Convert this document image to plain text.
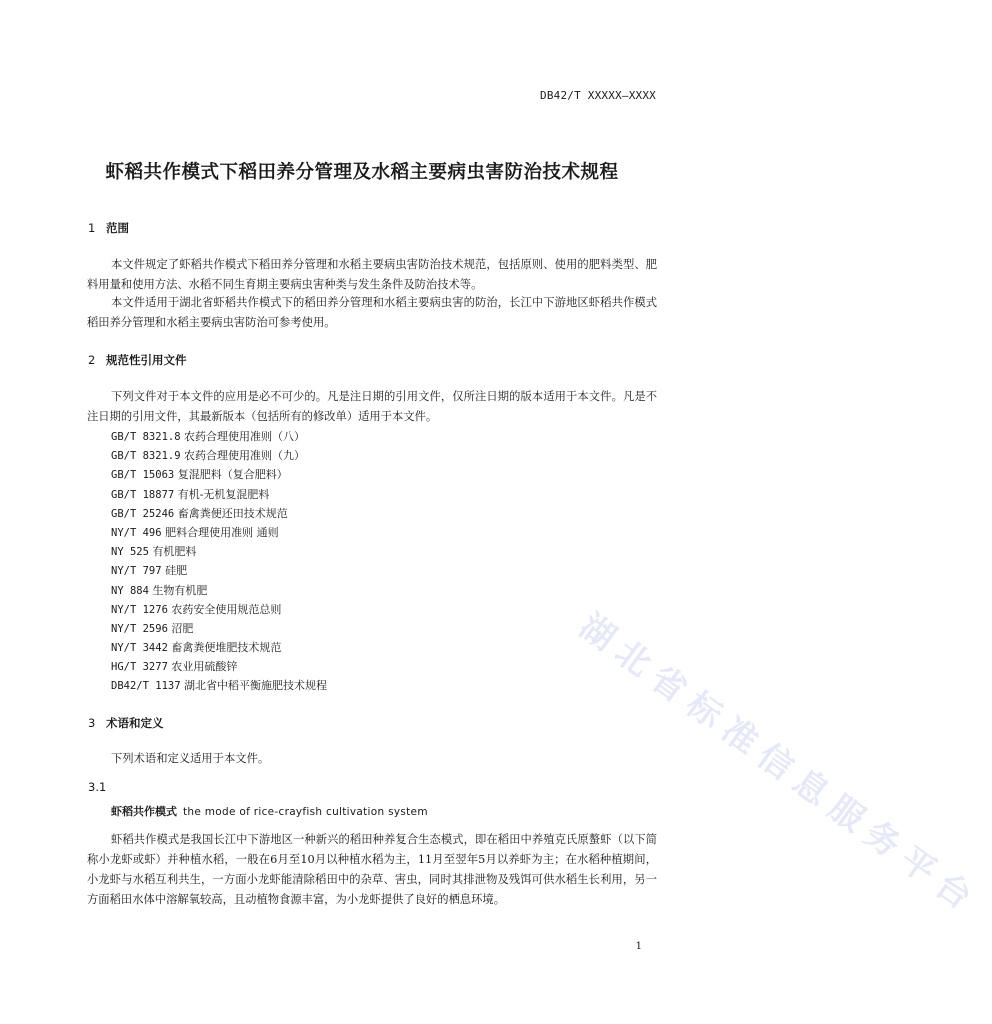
DB42/T XXXXX—XXXX
虾稻共作模式下稻田养分管理及水稻主要病虫害防治技术规程
1 范围
本文件规定了虾稻共作模式下稻田养分管理和水稻主要病虫害防治技术规范，包括原则、使用的肥料类型、肥料用量和使用方法、水稻不同生育期主要病虫害种类与发生条件及防治技术等。
本文件适用于湖北省虾稻共作模式下的稻田养分管理和水稻主要病虫害的防治，长江中下游地区虾稻共作模式稻田养分管理和水稻主要病虫害防治可参考使用。
2 规范性引用文件
下列文件对于本文件的应用是必不可少的。凡是注日期的引用文件，仅所注日期的版本适用于本文件。凡是不注日期的引用文件，其最新版本（包括所有的修改单）适用于本文件。
GB/T 8321.8 农药合理使用准则（八）
GB/T 8321.9 农药合理使用准则（九）
GB/T 15063 复混肥料（复合肥料）
GB/T 18877 有机-无机复混肥料
GB/T 25246 畜禽粪便还田技术规范
NY/T 496 肥料合理使用准则 通则
NY 525 有机肥料
NY/T 797 硅肥
NY 884 生物有机肥
NY/T 1276 农药安全使用规范总则
NY/T 2596 沼肥
NY/T 3442 畜禽粪便堆肥技术规范
HG/T 3277 农业用硫酸锌
DB42/T 1137 湖北省中稻平衡施肥技术规程
3 术语和定义
下列术语和定义适用于本文件。
3.1
虾稻共作模式 the mode of rice-crayfish cultivation system
虾稻共作模式是我国长江中下游地区一种新兴的稻田种养复合生态模式，即在稻田中养殖克氏原螯虾（以下简称小龙虾或虾）并种植水稻，一般在6月至10月以种植水稻为主，11月至翌年5月以养虾为主；在水稻种植期间，小龙虾与水稻互利共生，一方面小龙虾能清除稻田中的杂草、害虫，同时其排泄物及残饵可供水稻生长利用，另一方面稻田水体中溶解氧较高，且动植物食源丰富，为小龙虾提供了良好的栖息环境。
1
湖北省标准信息服务平台
